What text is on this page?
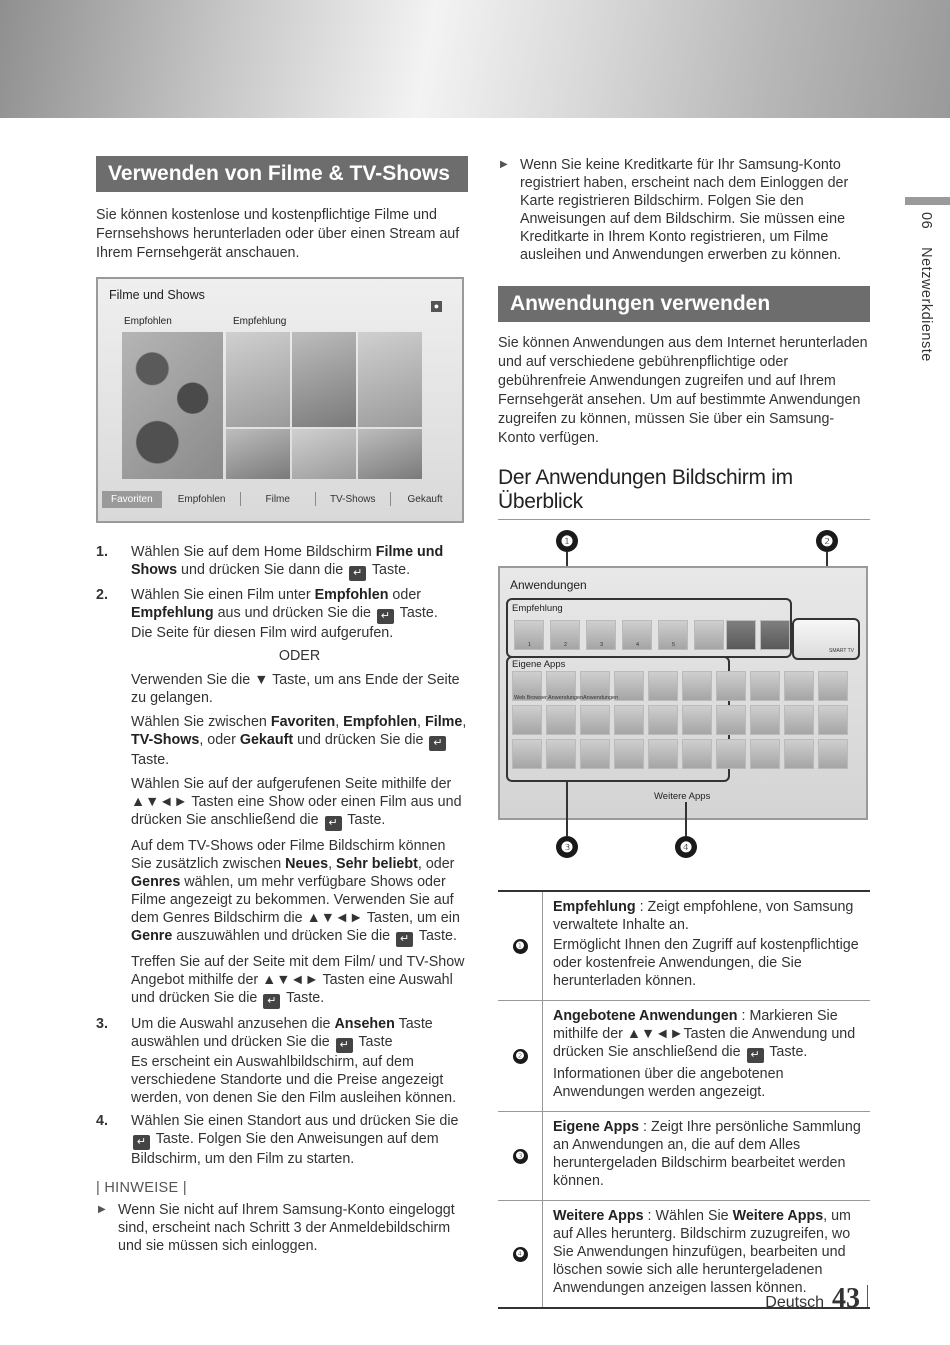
Verwenden von Filme & TV-Shows

Sie können kostenlose und kostenpflichtige Filme und Fernsehshows herunterladen oder über einen Stream auf Ihrem Fernsehgerät anschauen.

Filme und Shows
Empfohlen	Empfehlung
●
Favoriten	Empfohlen	Filme	TV-Shows	Gekauft
1.	Wählen Sie auf dem Home Bildschirm Filme und Shows und drücken Sie dann die ↵ Taste.
2.	Wählen Sie einen Film unter Empfohlen oder Empfehlung aus und drücken Sie die ↵ Taste.
Die Seite für diesen Film wird aufgerufen.
ODER
Verwenden Sie die ▼ Taste, um ans Ende der Seite zu gelangen.
Wählen Sie zwischen Favoriten, Empfohlen, Filme, TV-Shows, oder Gekauft und drücken Sie die ↵ Taste.
Wählen Sie auf der aufgerufenen Seite mithilfe der ▲▼◄► Tasten eine Show oder einen Film aus und drücken Sie anschließend die ↵ Taste.
Auf dem TV-Shows oder Filme Bildschirm können Sie zusätzlich zwischen Neues, Sehr beliebt, oder Genres wählen, um mehr verfügbare Shows oder Filme angezeigt zu bekommen. Verwenden Sie auf dem Genres Bildschirm die ▲▼◄► Tasten, um ein Genre auszuwählen und drücken Sie die ↵ Taste.
Treffen Sie auf der Seite mit dem Film/ und TV-Show Angebot mithilfe der ▲▼◄► Tasten eine Auswahl und drücken Sie die ↵ Taste.
3.	Um die Auswahl anzusehen die Ansehen Taste auswählen und drücken Sie die ↵ Taste
Es erscheint ein Auswahlbildschirm, auf dem verschiedene Standorte und die Preise angezeigt werden, von denen Sie den Film ausleihen können.
4.	Wählen Sie einen Standort aus und drücken Sie die ↵ Taste. Folgen Sie den Anweisungen auf dem Bildschirm, um den Film zu starten.
| HINWEISE |
▶ Wenn Sie nicht auf Ihrem Samsung-Konto eingeloggt sind, erscheint nach Schritt 3 der Anmeldebildschirm und sie müssen sich einloggen.
▶ Wenn Sie keine Kreditkarte für Ihr Samsung-Konto registriert haben, erscheint nach dem Einloggen der Karte registrieren Bildschirm. Folgen Sie den Anweisungen auf dem Bildschirm. Sie müssen eine Kreditkarte in Ihrem Konto registrieren, um Filme ausleihen und Anwendungen erwerben zu können.
Anwendungen verwenden

Sie können Anwendungen aus dem Internet herunterladen und auf verschiedene gebührenpflichtige oder gebührenfreie Anwendungen zugreifen und auf Ihrem Fernsehgerät ansehen. Um auf bestimmte Anwendungen zugreifen zu können, müssen Sie über ein Samsung-Konto verfügen.

Der Anwendungen Bildschirm im Überblick
❶	❷
Anwendungen
Empfehlung
1	2	3	4	5
SMART TV
Eigene Apps
Web Browser Anwendungen Anwendungen
Weitere Apps
❸	❹
❶

Empfehlung : Zeigt empfohlene, von Samsung verwaltete Inhalte an.

Ermöglicht Ihnen den Zugriff auf kostenpflichtige oder kostenfreie Anwendungen, die Sie herunterladen können.

❷

Angebotene Anwendungen : Markieren Sie mithilfe der ▲▼◄►Tasten die Anwendung und drücken Sie anschließend die ↵ Taste.

Informationen über die angebotenen Anwendungen werden angezeigt.

❸

Eigene Apps : Zeigt Ihre persönliche Sammlung an Anwendungen an, die auf dem Alles heruntergeladen Bildschirm bearbeitet werden können.

❹

Weitere Apps : Wählen Sie Weitere Apps, um auf Alles herunterg. Bildschirm zuzugreifen, wo Sie Anwendungen hinzufügen, bearbeiten und löschen sowie sich alle heruntergeladenen Anwendungen anzeigen lassen können.

06Netzwerkdienste
Deutsch 43
